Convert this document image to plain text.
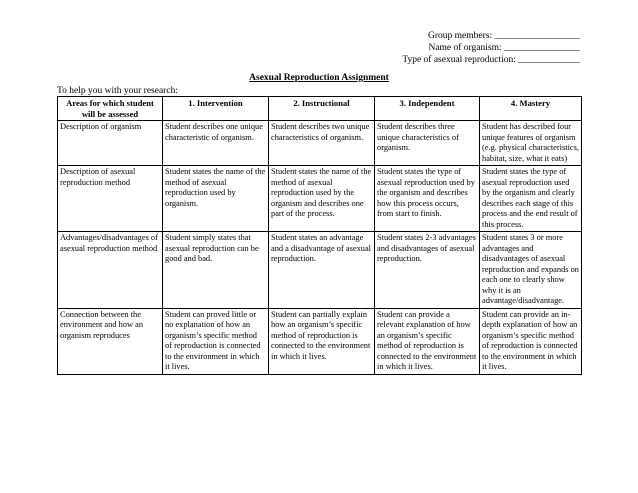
Group members: __________________
Name of organism: ________________
Type of asexual reproduction: _____________
Asexual Reproduction Assignment
To help you with your research:
Areas for which student will be assessed	1. Intervention	2. Instructional	3. Independent	4. Mastery
Description of organism	Student describes one unique characteristic of organism.	Student describes two unique characteristics of organism.	Student describes three unique characteristics of organism.	Student has described four unique features of organism (e.g. physical characteristics, habitat, size, what it eats)
Description of asexual reproduction method	Student states the name of the method of asexual reproduction used by organism.	Student states the name of the method of asexual reproduction used by the organism and describes one part of the process.	Student states the type of asexual reproduction used by the organism and describes how this process occurs, from start to finish.	Student states the type of asexual reproduction used by the organism and clearly describes each stage of this process and the end result of this process.
Advantages/disadvantages of asexual reproduction method	Student simply states that asexual reproduction can be good and bad.	Student states an advantage and a disadvantage of asexual reproduction.	Student states 2-3 advantages and disadvantages of asexual reproduction.	Student states 3 or more advantages and disadvantages of asexual reproduction and expands on each one to clearly show why it is an advantage/disadvantage.
Connection between the environment and how an organism reproduces	Student can proved little or no explanation of how an organism’s specific method of reproduction is connected to the environment in which it lives.	Student can partially explain how an organism’s specific method of reproduction is connected to the environment in which it lives.	Student can provide a relevant explanation of how an organism’s specific method of reproduction is connected to the environment in which it lives.	Student can provide an in-depth explanation of how an organism’s specific method of reproduction is connected to the environment in which it lives.
